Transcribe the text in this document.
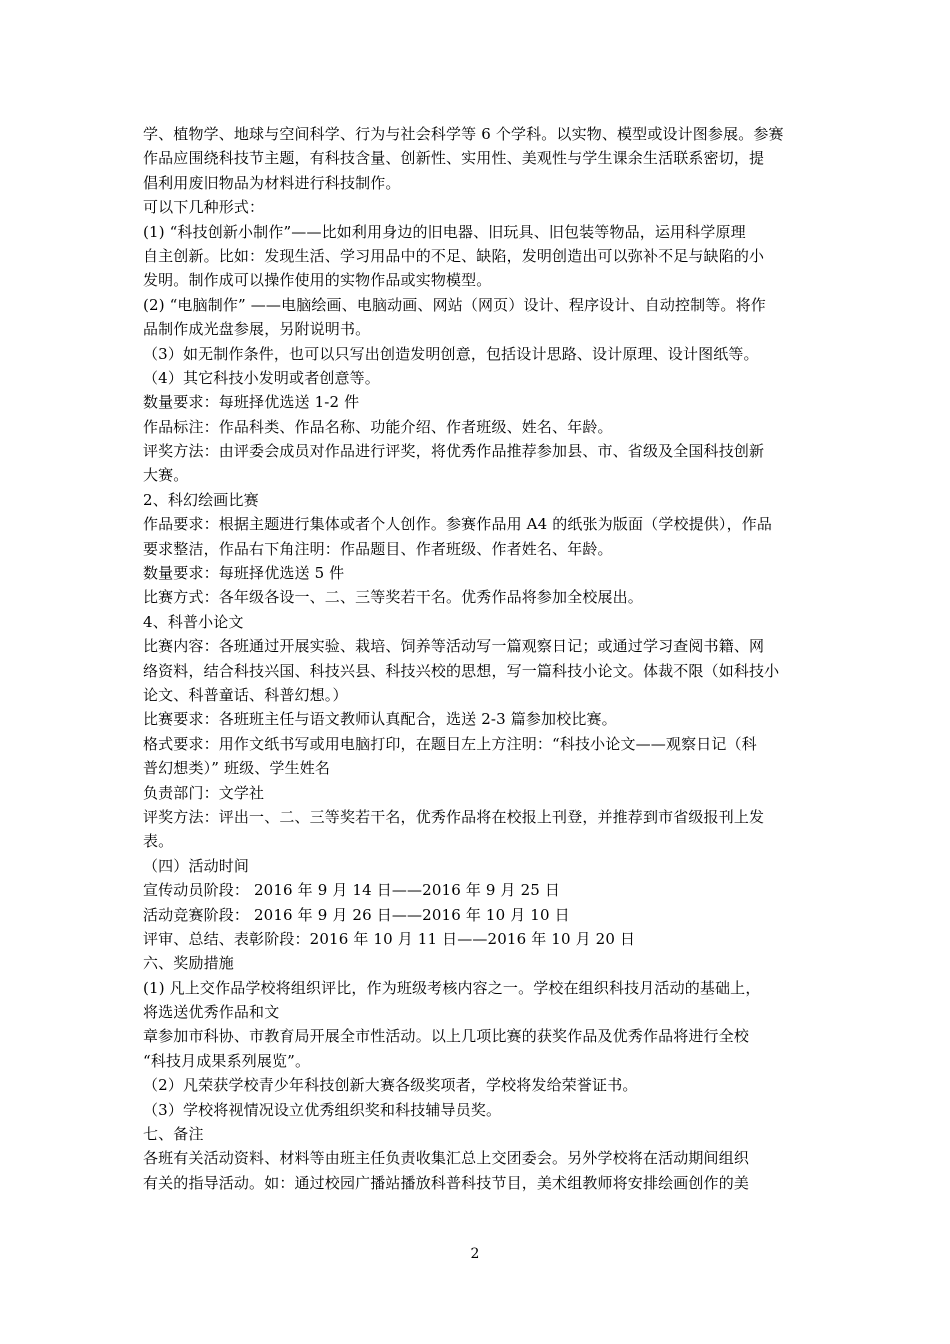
学、植物学、地球与空间科学、行为与社会科学等 6 个学科。以实物、模型或设计图参展。参赛
作品应围绕科技节主题，有科技含量、创新性、实用性、美观性与学生课余生活联系密切，提
倡利用废旧物品为材料进行科技制作。
可以下几种形式：
(1) “科技创新小制作”——比如利用身边的旧电器、旧玩具、旧包装等物品，运用科学原理
自主创新。比如：发现生活、学习用品中的不足、缺陷，发明创造出可以弥补不足与缺陷的小
发明。制作成可以操作使用的实物作品或实物模型。
(2) “电脑制作” ——电脑绘画、电脑动画、网站（网页）设计、程序设计、自动控制等。将作
品制作成光盘参展，另附说明书。
（3）如无制作条件，也可以只写出创造发明创意，包括设计思路、设计原理、设计图纸等。
（4）其它科技小发明或者创意等。
数量要求：每班择优选送 1-2 件
作品标注：作品科类、作品名称、功能介绍、作者班级、姓名、年龄。
评奖方法：由评委会成员对作品进行评奖，将优秀作品推荐参加县、市、省级及全国科技创新
大赛。
2、科幻绘画比赛
作品要求：根据主题进行集体或者个人创作。参赛作品用 A4 的纸张为版面（学校提供），作品
要求整洁，作品右下角注明：作品题目、作者班级、作者姓名、年龄。
数量要求：每班择优选送 5 件
比赛方式：各年级各设一、二、三等奖若干名。优秀作品将参加全校展出。
4、科普小论文
比赛内容：各班通过开展实验、栽培、饲养等活动写一篇观察日记；或通过学习查阅书籍、网
络资料，结合科技兴国、科技兴县、科技兴校的思想，写一篇科技小论文。体裁不限（如科技小
论文、科普童话、科普幻想。）
比赛要求：各班班主任与语文教师认真配合，选送 2-3 篇参加校比赛。
格式要求：用作文纸书写或用电脑打印，在题目左上方注明：“科技小论文——观察日记（科
普幻想类）” 班级、学生姓名
负责部门：文学社
评奖方法：评出一、二、三等奖若干名，优秀作品将在校报上刊登，并推荐到市省级报刊上发
表。
（四）活动时间
宣传动员阶段： 2016 年 9 月 14 日——2016 年 9 月 25 日
活动竞赛阶段： 2016 年 9 月 26 日——2016 年 10 月 10 日
评审、总结、表彰阶段：2016 年 10 月 11 日——2016 年 10 月 20 日
六、奖励措施
(1) 凡上交作品学校将组织评比，作为班级考核内容之一。学校在组织科技月活动的基础上，
将选送优秀作品和文
章参加市科协、市教育局开展全市性活动。以上几项比赛的获奖作品及优秀作品将进行全校
“科技月成果系列展览”。
（2）凡荣获学校青少年科技创新大赛各级奖项者，学校将发给荣誉证书。
（3）学校将视情况设立优秀组织奖和科技辅导员奖。
七、备注
各班有关活动资料、材料等由班主任负责收集汇总上交团委会。另外学校将在活动期间组织
有关的指导活动。如：通过校园广播站播放科普科技节目，美术组教师将安排绘画创作的美
2
